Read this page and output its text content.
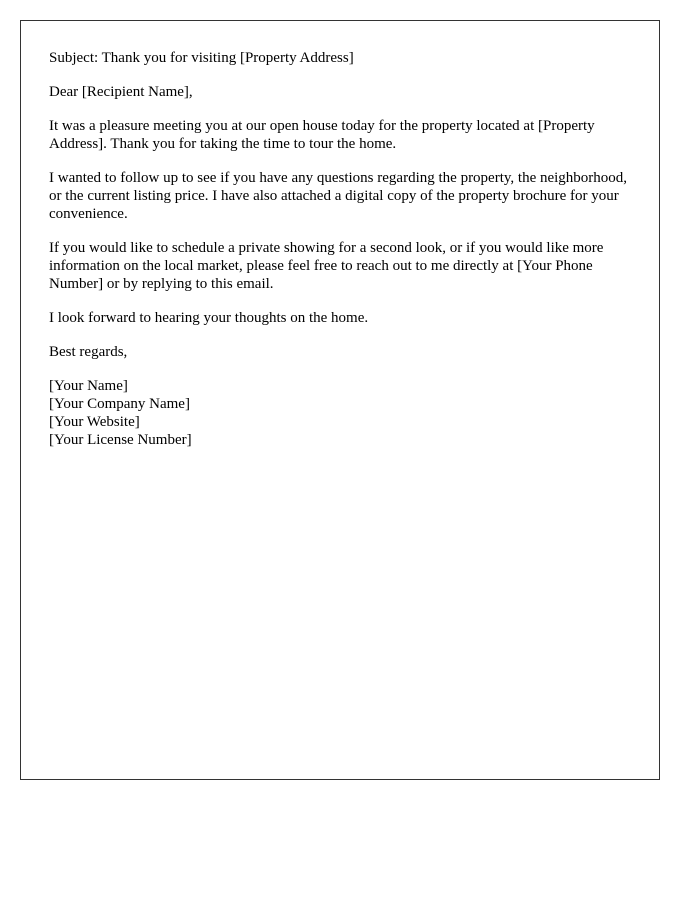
Subject: Thank you for visiting [Property Address]

Dear [Recipient Name],

It was a pleasure meeting you at our open house today for the property located at [Property Address]. Thank you for taking the time to tour the home.

I wanted to follow up to see if you have any questions regarding the property, the neighborhood, or the current listing price. I have also attached a digital copy of the property brochure for your convenience.

If you would like to schedule a private showing for a second look, or if you would like more information on the local market, please feel free to reach out to me directly at [Your Phone Number] or by replying to this email.

I look forward to hearing your thoughts on the home.

Best regards,

[Your Name]
[Your Company Name]
[Your Website]
[Your License Number]
